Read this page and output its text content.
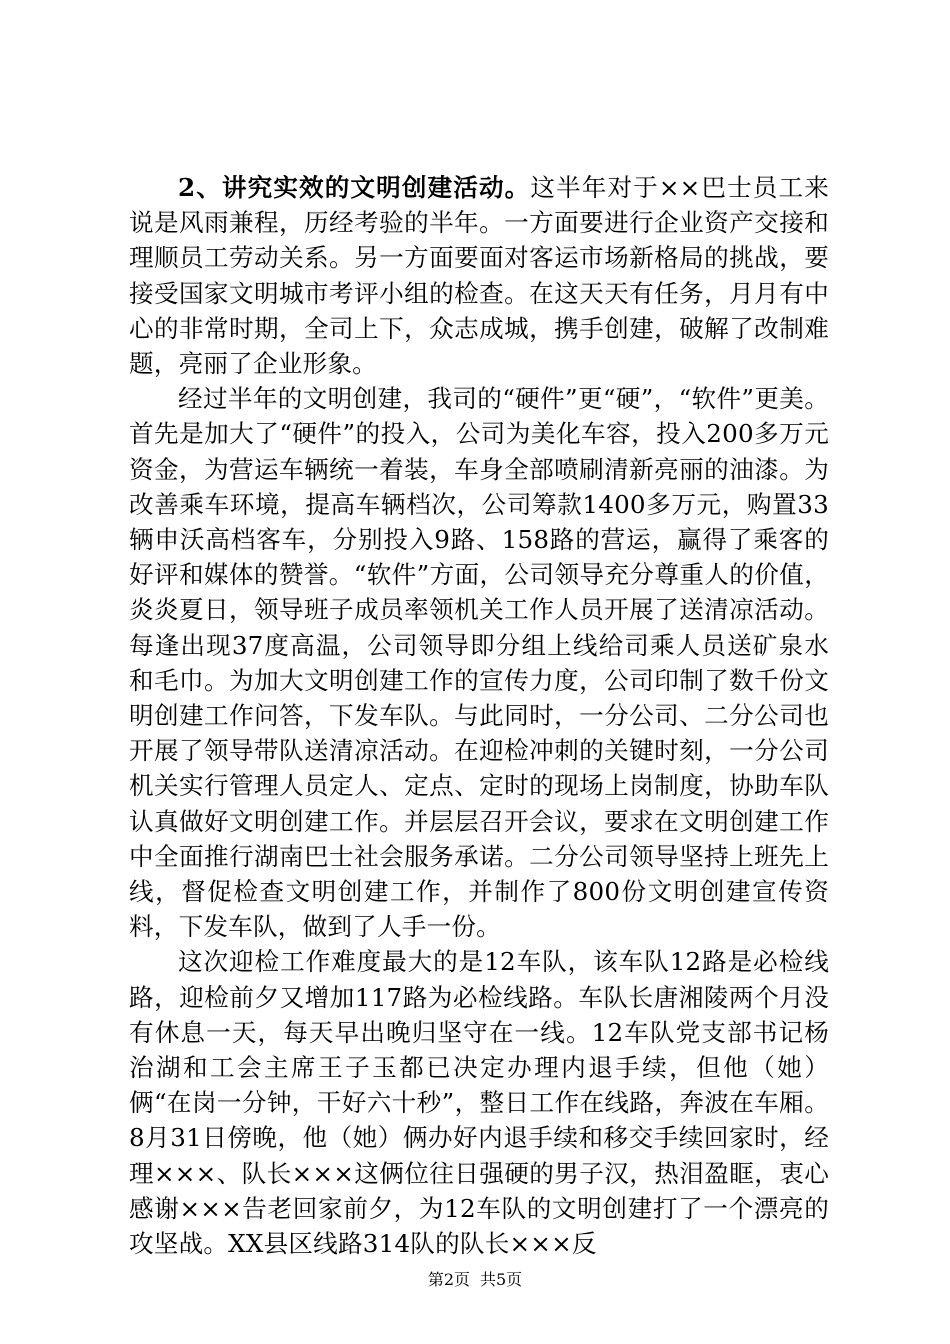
2、讲究实效的文明创建活动。这半年对于××巴士员工来说是风雨兼程，历经考验的半年。一方面要进行企业资产交接和理顺员工劳动关系。另一方面要面对客运市场新格局的挑战，要接受国家文明城市考评小组的检查。在这天天有任务，月月有中心的非常时期，全司上下，众志成城，携手创建，破解了改制难题，亮丽了企业形象。

经过半年的文明创建，我司的“硬件”更“硬”，“软件”更美。首先是加大了“硬件”的投入，公司为美化车容，投入200多万元资金，为营运车辆统一着装，车身全部喷刷清新亮丽的油漆。为改善乘车环境，提高车辆档次，公司筹款1400多万元，购置33辆申沃高档客车，分别投入9路、158路的营运，赢得了乘客的好评和媒体的赞誉。“软件”方面，公司领导充分尊重人的价值，炎炎夏日，领导班子成员率领机关工作人员开展了送清凉活动。每逢出现37度高温，公司领导即分组上线给司乘人员送矿泉水和毛巾。为加大文明创建工作的宣传力度，公司印制了数千份文明创建工作问答，下发车队。与此同时，一分公司、二分公司也开展了领导带队送清凉活动。在迎检冲刺的关键时刻，一分公司机关实行管理人员定人、定点、定时的现场上岗制度，协助车队认真做好文明创建工作。并层层召开会议，要求在文明创建工作中全面推行湖南巴士社会服务承诺。二分公司领导坚持上班先上线，督促检查文明创建工作，并制作了800份文明创建宣传资料，下发车队，做到了人手一份。

这次迎检工作难度最大的是12车队，该车队12路是必检线路，迎检前夕又增加117路为必检线路。车队长唐湘陵两个月没有休息一天，每天早出晚归坚守在一线。12车队党支部书记杨治湖和工会主席王子玉都已决定办理内退手续，但他（她）俩“在岗一分钟，干好六十秒”，整日工作在线路，奔波在车厢。8月31日傍晚，他（她）俩办好内退手续和移交手续回家时，经理×××、队长×××这俩位往日强硬的男子汉，热泪盈眶，衷心感谢×××告老回家前夕，为12车队的文明创建打了一个漂亮的攻坚战。XX县区线路314队的队长×××反

第2页 共5页
